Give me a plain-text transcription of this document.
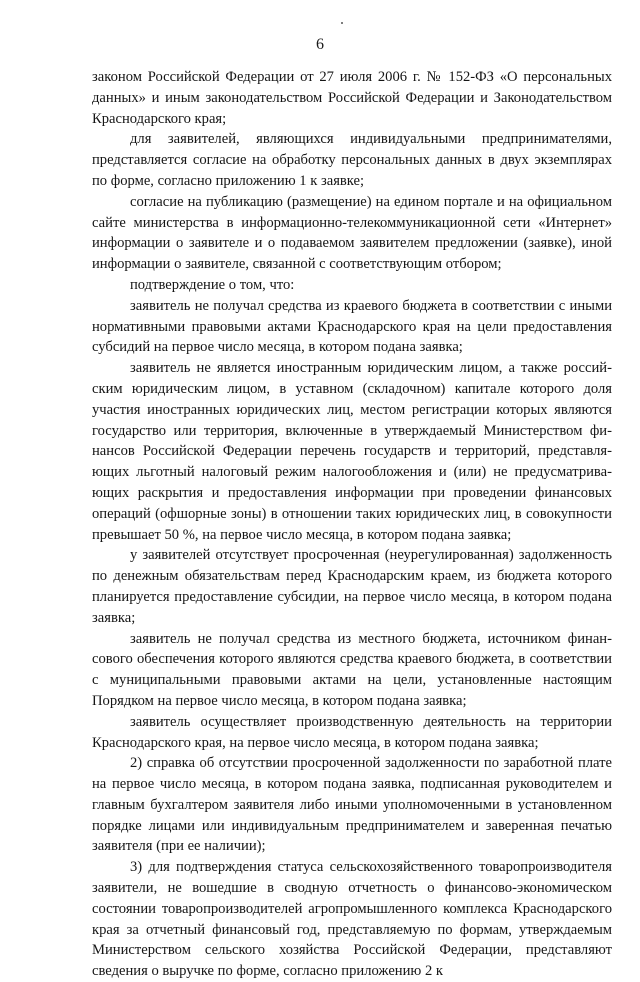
6

законом Российской Федерации от 27 июля 2006 г. № 152-ФЗ «О персональных данных» и иным законодательством Российской Федерации и Законодательством Краснодарского края;

для заявителей, являющихся индивидуальными предпринимателями, представляется согласие на обработку персональных данных в двух экземплярах по форме, согласно приложению 1 к заявке;

согласие на публикацию (размещение) на едином портале и на официальном сайте министерства в информационно-телекоммуникационной сети «Интернет» информации о заявителе и о подаваемом заявителем предложении (заявке), иной информации о заявителе, связанной с соответствующим отбором;

подтверждение о том, что:

заявитель не получал средства из краевого бюджета в соответствии с иными нормативными правовыми актами Краснодарского края на цели предоставления субсидий на первое число месяца, в котором подана заявка;

заявитель не является иностранным юридическим лицом, а также российским юридическим лицом, в уставном (складочном) капитале которого доля участия иностранных юридических лиц, местом регистрации которых являются государство или территория, включенные в утверждаемый Министерством финансов Российской Федерации перечень государств и территорий, представляющих льготный налоговый режим налогообложения и (или) не предусматривающих раскрытия и предоставления информации при проведении финансовых операций (офшорные зоны) в отношении таких юридических лиц, в совокупности превышает 50 %, на первое число месяца, в котором подана заявка;

у заявителей отсутствует просроченная (неурегулированная) задолженность по денежным обязательствам перед Краснодарским краем, из бюджета которого планируется предоставление субсидии, на первое число месяца, в котором подана заявка;

заявитель не получал средства из местного бюджета, источником финансового обеспечения которого являются средства краевого бюджета, в соответствии с муниципальными правовыми актами на цели, установленные настоящим Порядком на первое число месяца, в котором подана заявка;

заявитель осуществляет производственную деятельность на территории Краснодарского края, на первое число месяца, в котором подана заявка;

2) справка об отсутствии просроченной задолженности по заработной плате на первое число месяца, в котором подана заявка, подписанная руководителем и главным бухгалтером заявителя либо иными уполномоченными в установленном порядке лицами или индивидуальным предпринимателем и заверенная печатью заявителя (при ее наличии);

3) для подтверждения статуса сельскохозяйственного товаропроизводителя заявители, не вошедшие в сводную отчетность о финансово-экономическом состоянии товаропроизводителей агропромышленного комплекса Краснодарского края за отчетный финансовый год, представляемую по формам, утверждаемым Министерством сельского хозяйства Российской Федерации, представляют сведения о выручке по форме, согласно приложению 2 к
